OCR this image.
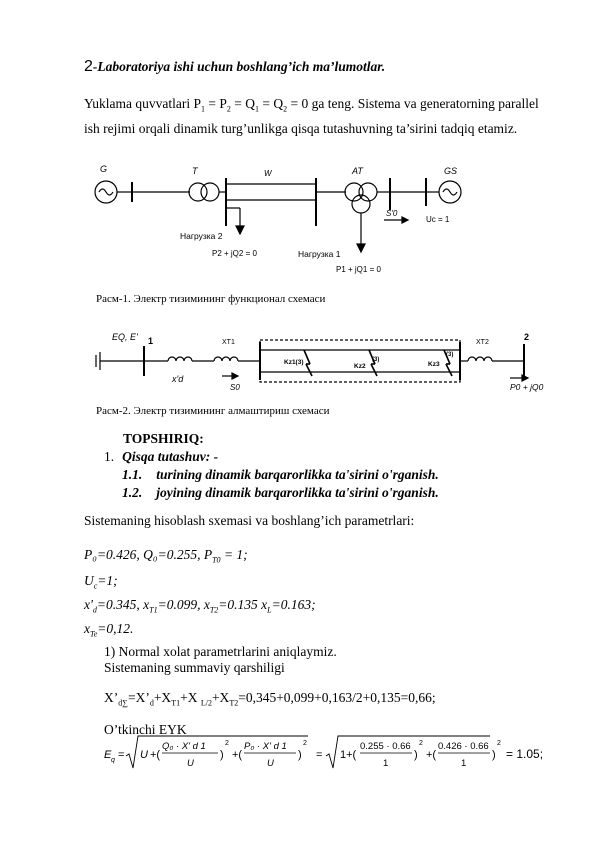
2-Laboratoriya ishi uchun boshlang’ich ma’lumotlar.
Yuklama quvvatlari $P_1 = P_2 = Q_1 = Q_2 = 0$ ga teng. Sistema va generatorning parallel
ish rejimi orqali dinamik turg’unlikga qisqa tutashuvning ta’sirini tadqiq etamiz.
G	T	W	AT	GS
S'0
Uc = 1
Нагрузка 2
P2 + jQ2 = 0	Нагрузка 1
P1 + jQ1 = 0
Расм-1. Электр тизимининг функционал схемаси
EQ, E' 1
x'd
XT1
S0
Kz1(3)
Kz2
(3)
Kz3
(3)
XT2
2
P0 + jQ0
Расм-2. Электр тизимининг алмаштириш схемаси
TOPSHIRIQ:
1. Qisqa tutashuv: -
1.1. turining dinamik barqarorlikka ta'sirini o'rganish.
1.2. joyining dinamik barqarorlikka ta'sirini o'rganish.
Sistemaning hisoblash sxemasi va boshlang’ich parametrlari:
P₀=0.426, Q₀=0.255, $P_{T0} = 1$;
$U_c=1$;
$x'_d=0.345$, $x_{T1}=0.099$, $x_{T2}=0.135$ $x_L=0.163$;
$x_{Te}=0,12$.
1) Normal xolat parametrlarini aniqlaymiz.
Sistemaning summaviy qarshiligi
$X’_{d\sum}=X’_d+X_{T1}+X$ $_{L/2}+X_{T2}=0,345+0,099+0,163/2+0,135=0,66$;
O’tkinchi EYK
E q = U +(
Q₀ · X' d 1
U
)
2
+(
P₀ · X' d 1
U
)
2
= 1+(
0.255 · 0.66
1
)
2
+(
0.426 · 0.66
1
)
2
= 1.05;
